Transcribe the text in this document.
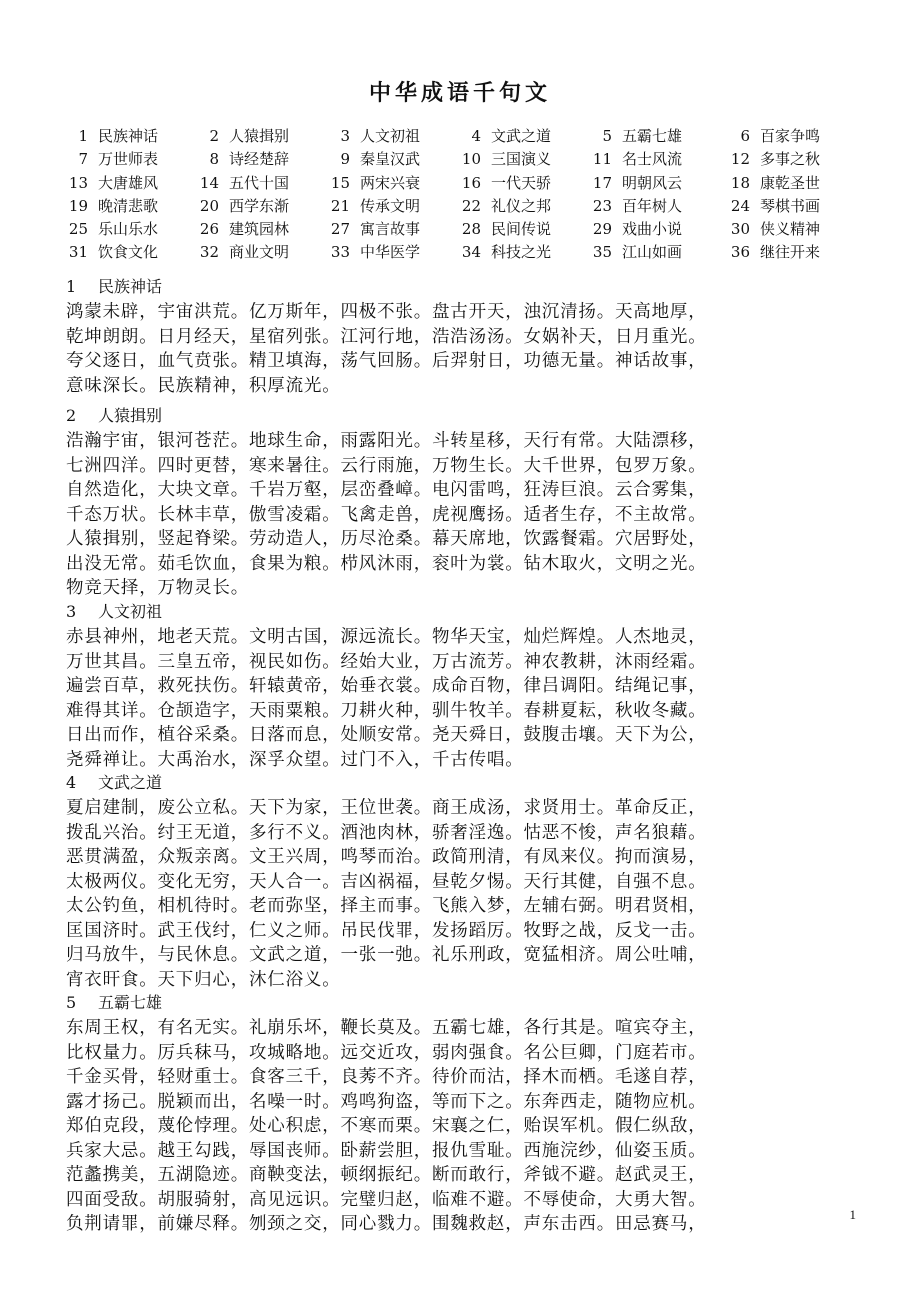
中华成语千句文
1 民族神话	2 人猿揖别	3 人文初祖	4 文武之道	5 五霸七雄	6 百家争鸣
7 万世师表	8 诗经楚辞	9 秦皇汉武	10 三国演义	11 名士风流	12 多事之秋
13 大唐雄风	14 五代十国	15 两宋兴衰	16 一代天骄	17 明朝风云	18 康乾圣世
19 晚清悲歌	20 西学东渐	21 传承文明	22 礼仪之邦	23 百年树人	24 琴棋书画
25 乐山乐水	26 建筑园林	27 寓言故事	28 民间传说	29 戏曲小说	30 侠义精神
31 饮食文化	32 商业文明	33 中华医学	34 科技之光	35 江山如画	36 继往开来
1 民族神话
鸿蒙未辟，宇宙洪荒。亿万斯年，四极不张。盘古开天，浊沉清扬。天高地厚，
乾坤朗朗。日月经天，星宿列张。江河行地，浩浩汤汤。女娲补天，日月重光。
夸父逐日，血气贲张。精卫填海，荡气回肠。后羿射日，功德无量。神话故事，
意味深长。民族精神，积厚流光。
2 人猿揖别
浩瀚宇宙，银河苍茫。地球生命，雨露阳光。斗转星移，天行有常。大陆漂移，
七洲四洋。四时更替，寒来暑往。云行雨施，万物生长。大千世界，包罗万象。
自然造化，大块文章。千岩万壑，层峦叠嶂。电闪雷鸣，狂涛巨浪。云合雾集，
千态万状。长林丰草，傲雪凌霜。飞禽走兽，虎视鹰扬。适者生存，不主故常。
人猿揖别，竖起脊梁。劳动造人，历尽沧桑。幕天席地，饮露餐霜。穴居野处，
出没无常。茹毛饮血，食果为粮。栉风沐雨，衮叶为裳。钻木取火，文明之光。
物竞天择，万物灵长。
3 人文初祖
赤县神州，地老天荒。文明古国，源远流长。物华天宝，灿烂辉煌。人杰地灵，
万世其昌。三皇五帝，视民如伤。经始大业，万古流芳。神农教耕，沐雨经霜。
遍尝百草，救死扶伤。轩辕黄帝，始垂衣裳。成命百物，律吕调阳。结绳记事，
难得其详。仓颉造字，天雨粟粮。刀耕火种，驯牛牧羊。春耕夏耘，秋收冬藏。
日出而作，植谷采桑。日落而息，处顺安常。尧天舜日，鼓腹击壤。天下为公，
尧舜禅让。大禹治水，深孚众望。过门不入，千古传唱。
4 文武之道
夏启建制，废公立私。天下为家，王位世袭。商王成汤，求贤用士。革命反正，
拨乱兴治。纣王无道，多行不义。酒池肉林，骄奢淫逸。怙恶不悛，声名狼藉。
恶贯满盈，众叛亲离。文王兴周，鸣琴而治。政简刑清，有凤来仪。拘而演易，
太极两仪。变化无穷，天人合一。吉凶祸福，昼乾夕惕。天行其健，自强不息。
太公钓鱼，相机待时。老而弥坚，择主而事。飞熊入梦，左辅右弼。明君贤相，
匡国济时。武王伐纣，仁义之师。吊民伐罪，发扬蹈厉。牧野之战，反戈一击。
归马放牛，与民休息。文武之道，一张一弛。礼乐刑政，宽猛相济。周公吐哺，
宵衣旰食。天下归心，沐仁浴义。
5 五霸七雄
东周王权，有名无实。礼崩乐坏，鞭长莫及。五霸七雄，各行其是。喧宾夺主，
比权量力。厉兵秣马，攻城略地。远交近攻，弱肉强食。名公巨卿，门庭若市。
千金买骨，轻财重士。食客三千，良莠不齐。待价而沽，择木而栖。毛遂自荐，
露才扬己。脱颖而出，名噪一时。鸡鸣狗盗，等而下之。东奔西走，随物应机。
郑伯克段，蔑伦悖理。处心积虑，不寒而栗。宋襄之仁，贻误军机。假仁纵敌，
兵家大忌。越王勾践，辱国丧师。卧薪尝胆，报仇雪耻。西施浣纱，仙姿玉质。
范蠡携美，五湖隐迹。商鞅变法，顿纲振纪。断而敢行，斧钺不避。赵武灵王，
四面受敌。胡服骑射，高见远识。完璧归赵，临难不避。不辱使命，大勇大智。
负荆请罪，前嫌尽释。刎颈之交，同心戮力。围魏救赵，声东击西。田忌赛马，	1
